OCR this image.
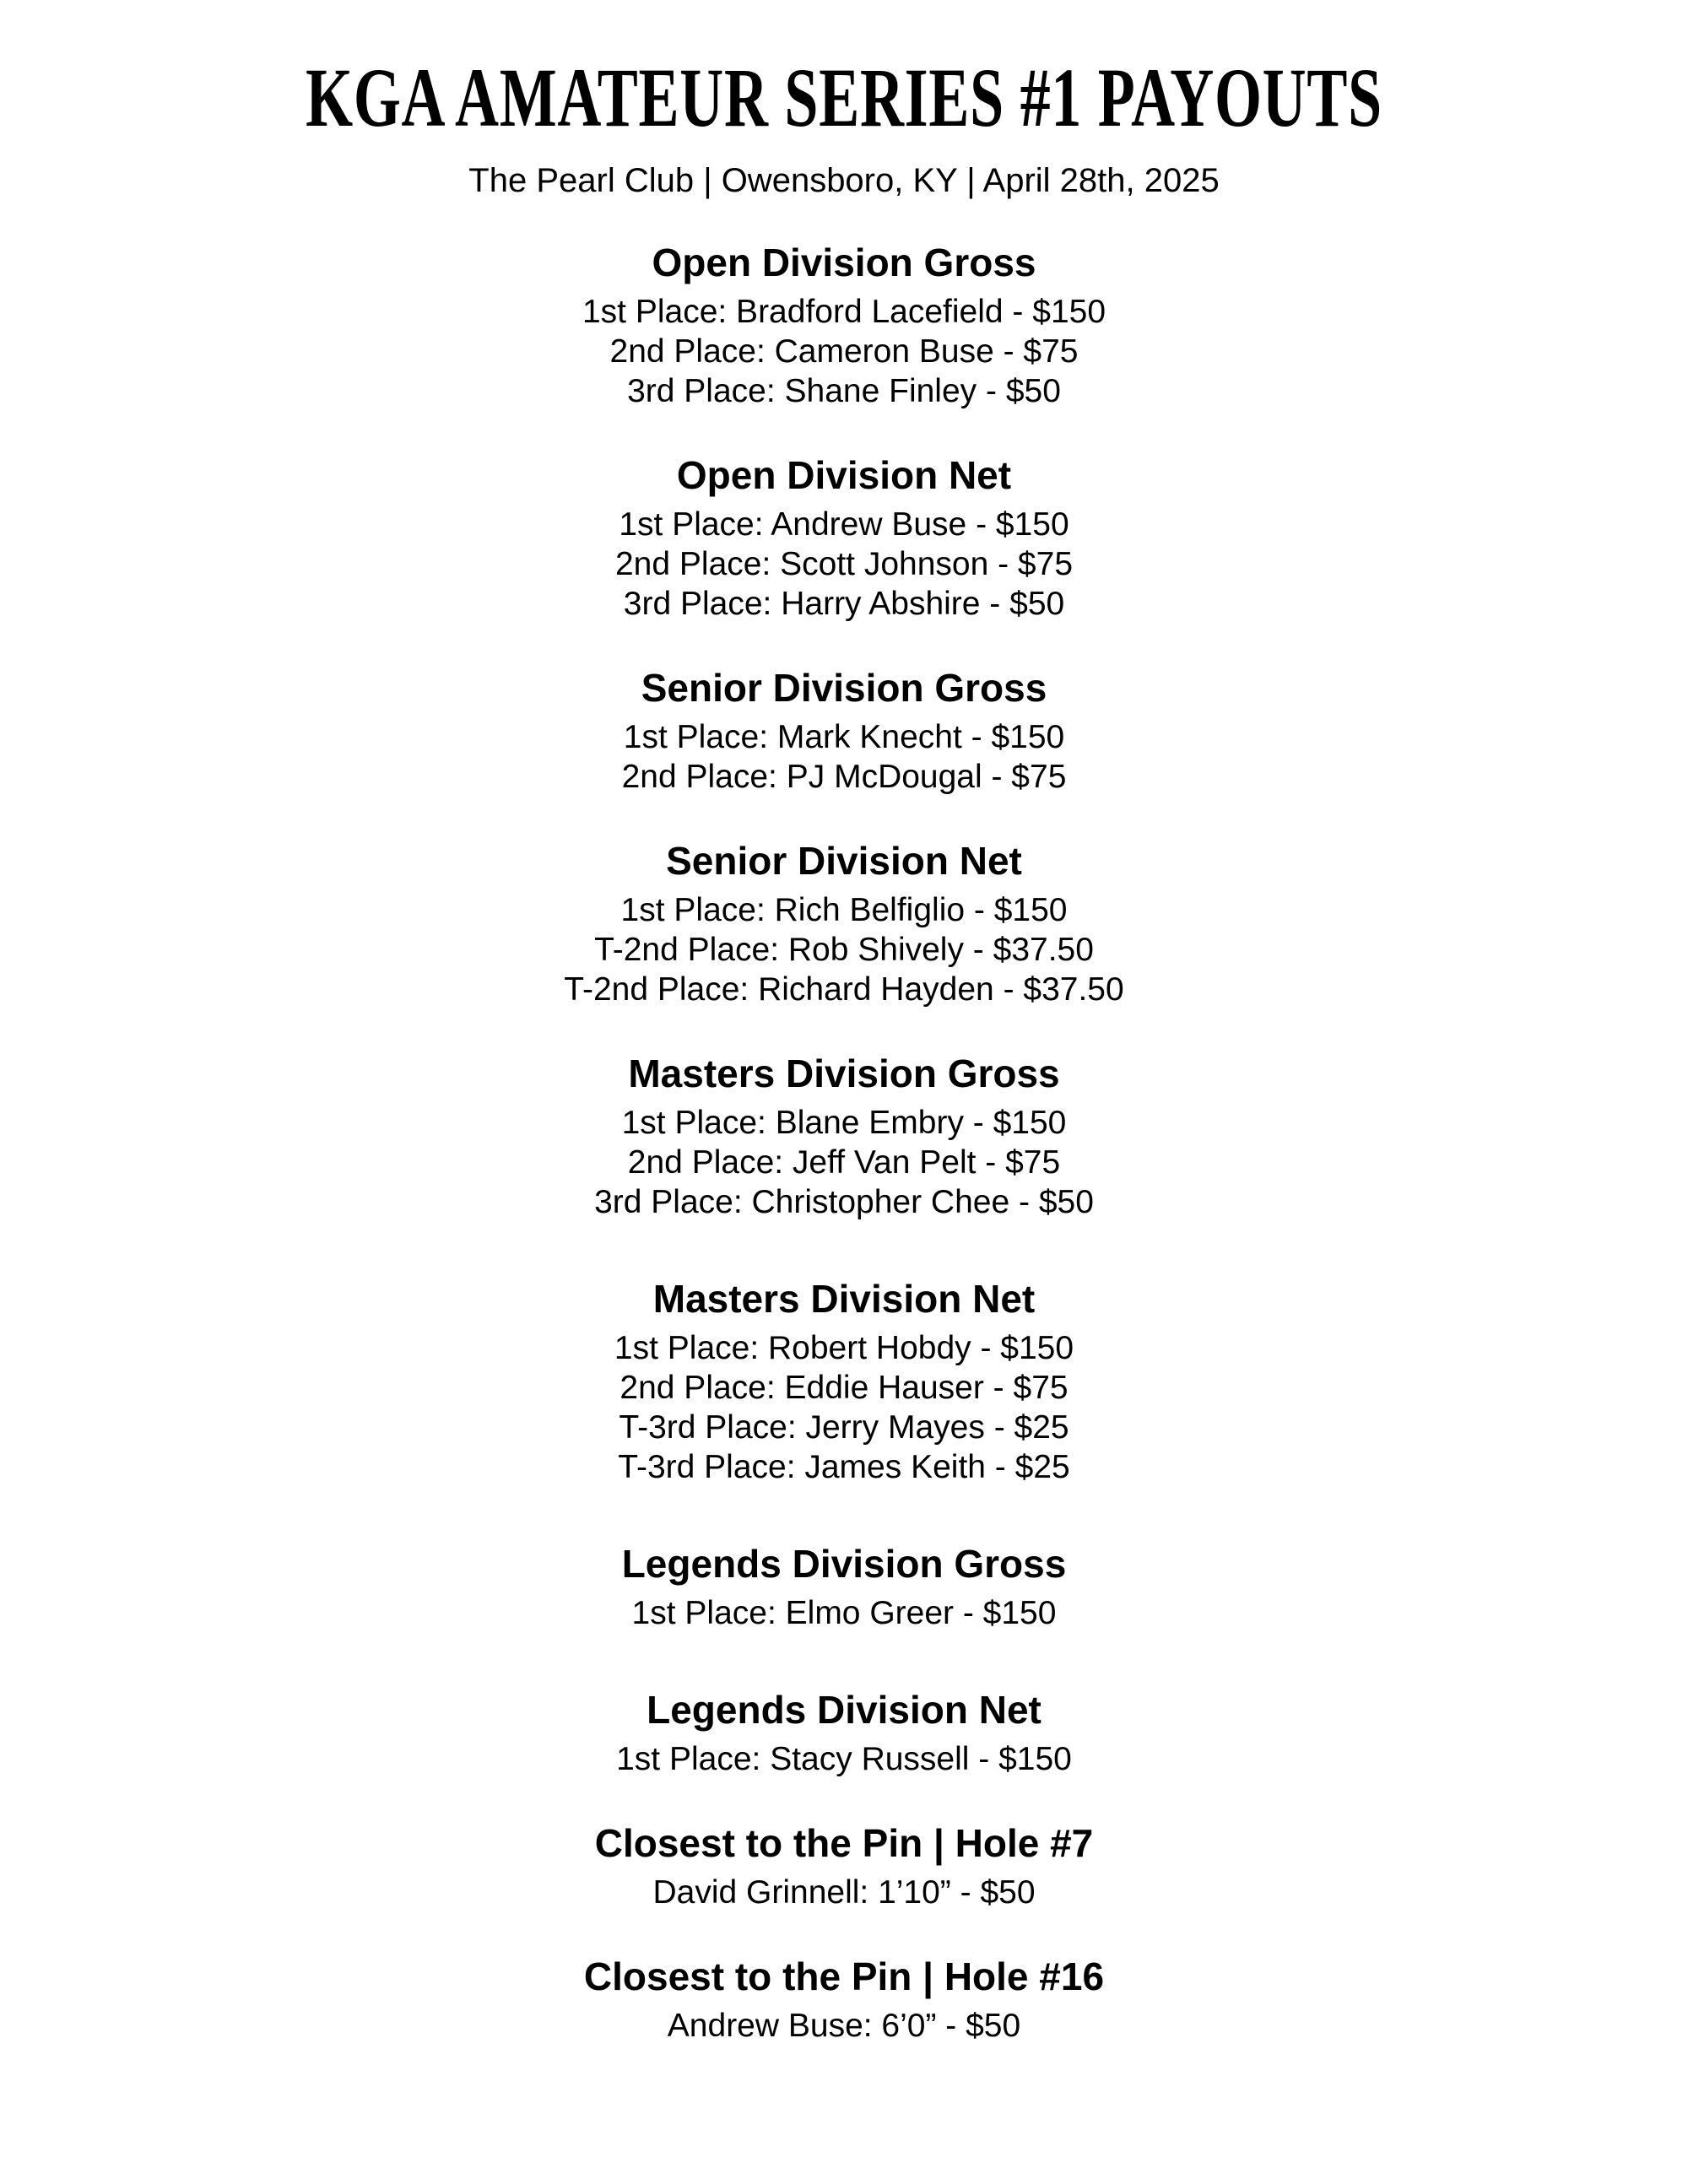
KGA AMATEUR SERIES #1 PAYOUTS
The Pearl Club | Owensboro, KY | April 28th, 2025
Open Division Gross

1st Place: Bradford Lacefield - $150

2nd Place: Cameron Buse - $75

3rd Place: Shane Finley - $50

Open Division Net

1st Place: Andrew Buse - $150

2nd Place: Scott Johnson - $75

3rd Place: Harry Abshire - $50

Senior Division Gross

1st Place: Mark Knecht - $150

2nd Place: PJ McDougal - $75

Senior Division Net

1st Place: Rich Belfiglio - $150

T-2nd Place: Rob Shively - $37.50

T-2nd Place: Richard Hayden - $37.50

Masters Division Gross

1st Place: Blane Embry - $150

2nd Place: Jeff Van Pelt - $75

3rd Place: Christopher Chee - $50

Masters Division Net

1st Place: Robert Hobdy - $150

2nd Place: Eddie Hauser - $75

T-3rd Place: Jerry Mayes - $25

T-3rd Place: James Keith - $25

Legends Division Gross

1st Place: Elmo Greer - $150

Legends Division Net

1st Place: Stacy Russell - $150

Closest to the Pin | Hole #7

David Grinnell: 1’10” - $50

Closest to the Pin | Hole #16

Andrew Buse: 6’0” - $50
